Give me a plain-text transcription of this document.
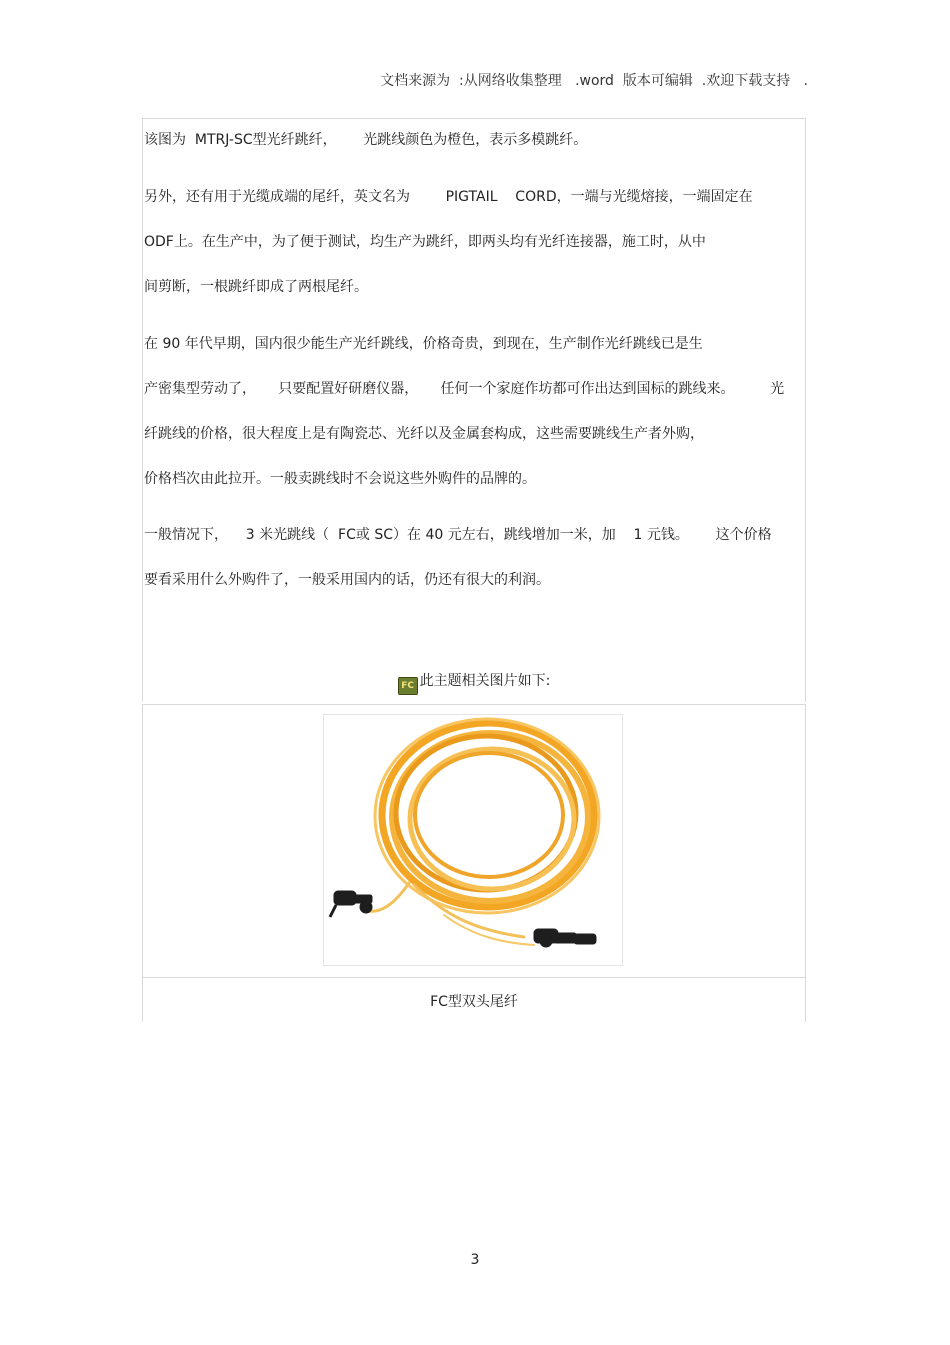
文档来源为  :从网络收集整理   .word  版本可编辑  .欢迎下载支持   .
该图为  MTRJ-SC型光纤跳纤，      光跳线颜色为橙色，表示多模跳纤。
另外，还有用于光缆成端的尾纤，英文名为        PIGTAIL    CORD，一端与光缆熔接，一端固定在
ODF上。在生产中，为了便于测试，均生产为跳纤，即两头均有光纤连接器，施工时，从中
间剪断，一根跳纤即成了两根尾纤。
在 90 年代早期，国内很少能生产光纤跳线，价格奇贵，到现在，生产制作光纤跳线已是生
产密集型劳动了，     只要配置好研磨仪器，     任何一个家庭作坊都可作出达到国标的跳线来。        光
纤跳线的价格，很大程度上是有陶瓷芯、光纤以及金属套构成，这些需要跳线生产者外购，
价格档次由此拉开。一般卖跳线时不会说这些外购件的品牌的。
一般情况下，    3 米光跳线（  FC或 SC）在 40 元左右，跳线增加一米，加    1 元钱。      这个价格
要看采用什么外购件了，一般采用国内的话，仍还有很大的利润。
FC 此主题相关图片如下:
FC型双头尾纤
3
